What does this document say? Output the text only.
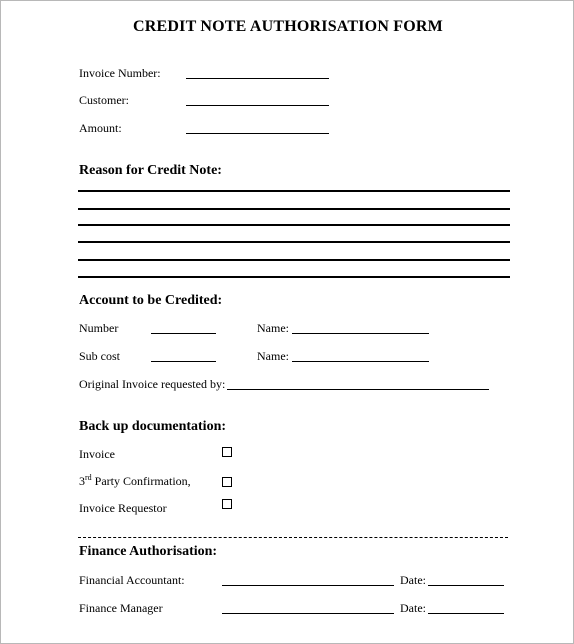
CREDIT NOTE AUTHORISATION FORM
Invoice Number:
Customer:
Amount:
Reason for Credit Note:
Account to be Credited:
Number	Name:
Sub cost	Name:
Original Invoice requested by:
Back up documentation:
Invoice
3rd Party Confirmation,
Invoice Requestor
Finance Authorisation:
Financial Accountant:	Date:
Finance Manager	Date:
